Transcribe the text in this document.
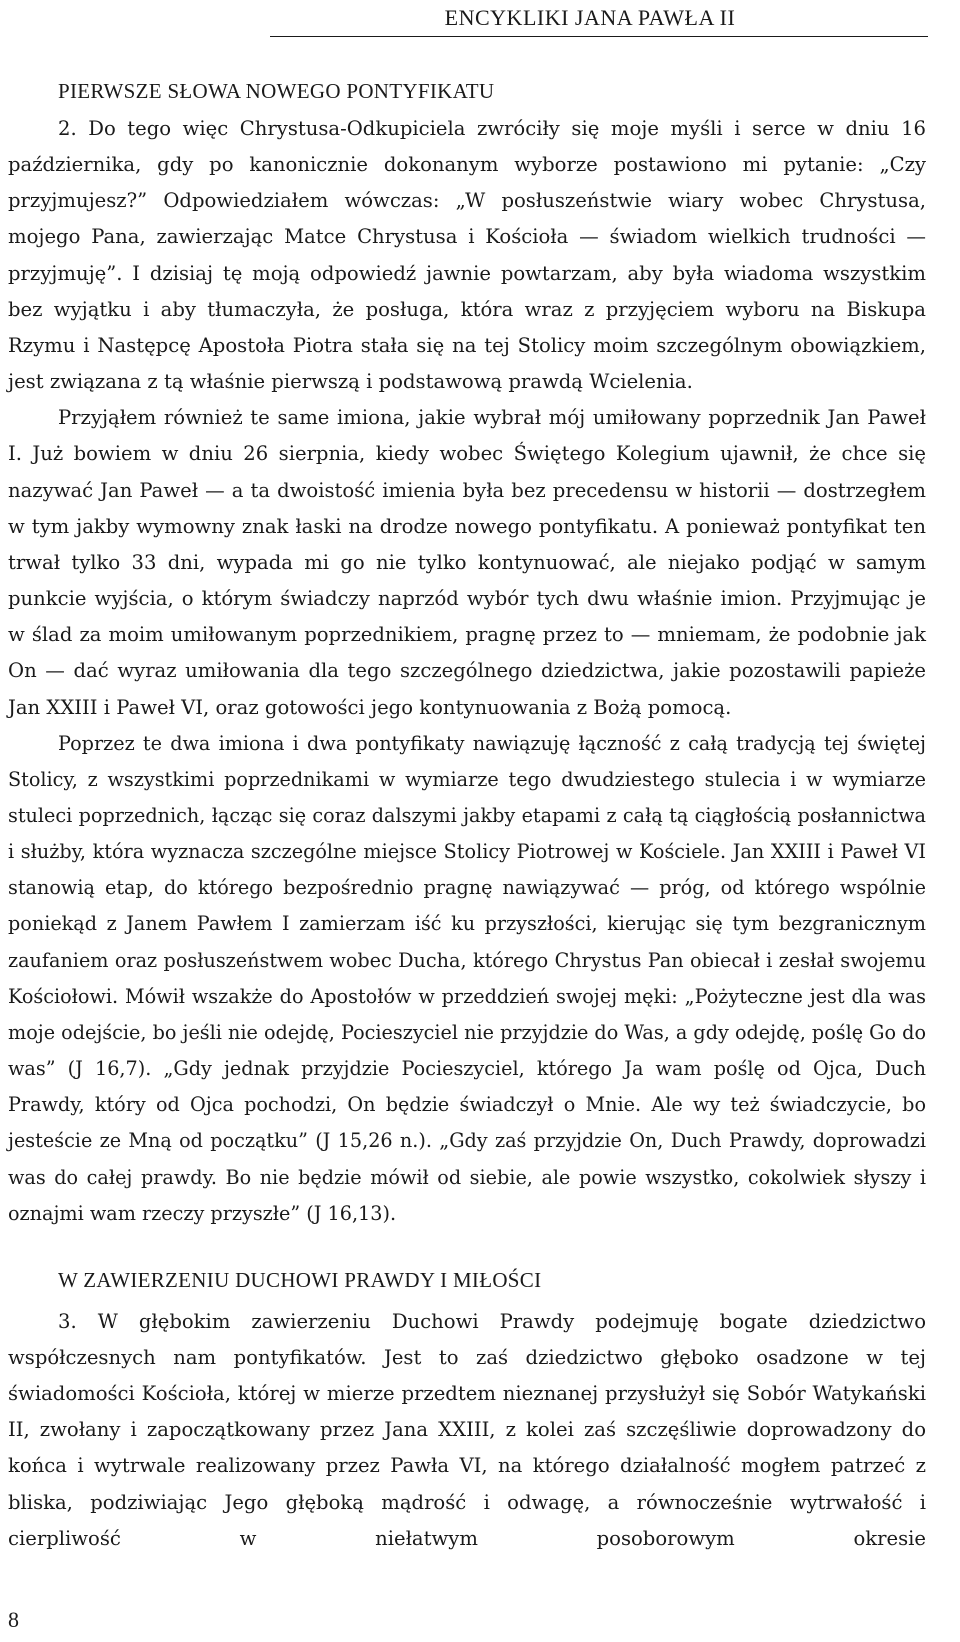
ENCYKLIKI JANA PAWŁA II
PIERWSZE SŁOWA NOWEGO PONTYFIKATU

2. Do tego więc Chrystusa-Odkupiciela zwróciły się moje myśli i serce w dniu 16 października, gdy po kanonicznie dokonanym wyborze postawiono mi pytanie: „Czy przyjmujesz?” Odpowiedziałem wówczas: „W posłuszeństwie wiary wobec Chrystusa, mojego Pana, zawierzając Matce Chrystusa i Kościoła — świadom wielkich trudności — przyjmuję”. I dzisiaj tę moją odpowiedź jawnie powtarzam, aby była wiadoma wszystkim bez wyjątku i aby tłumaczyła, że posługa, która wraz z przyjęciem wyboru na Biskupa Rzymu i Następcę Apostoła Piotra stała się na tej Stolicy moim szczególnym obowiązkiem, jest związana z tą właśnie pierwszą i podstawową prawdą Wcielenia.

Przyjąłem również te same imiona, jakie wybrał mój umiłowany poprzednik Jan Paweł I. Już bowiem w dniu 26 sierpnia, kiedy wobec Świętego Kolegium ujawnił, że chce się nazywać Jan Paweł — a ta dwoistość imienia była bez precedensu w historii — dostrzegłem w tym jakby wymowny znak łaski na drodze nowego pontyfikatu. A ponieważ pontyfikat ten trwał tylko 33 dni, wypada mi go nie tylko kontynuować, ale niejako podjąć w samym punkcie wyjścia, o którym świadczy naprzód wybór tych dwu właśnie imion. Przyjmując je w ślad za moim umiłowanym poprzednikiem, pragnę przez to — mniemam, że podobnie jak On — dać wyraz umiłowania dla tego szczególnego dziedzictwa, jakie pozostawili papieże Jan XXIII i Paweł VI, oraz gotowości jego kontynuowania z Bożą pomocą.

Poprzez te dwa imiona i dwa pontyfikaty nawiązuję łączność z całą tradycją tej świętej Stolicy, z wszystkimi poprzednikami w wymiarze tego dwudziestego stulecia i w wymiarze stuleci poprzednich, łącząc się coraz dalszymi jakby etapami z całą tą ciągłością posłannictwa i służby, która wyznacza szczególne miejsce Stolicy Piotrowej w Kościele. Jan XXIII i Paweł VI stanowią etap, do którego bezpośrednio pragnę nawiązywać — próg, od którego wspólnie poniekąd z Janem Pawłem I zamierzam iść ku przyszłości, kierując się tym bezgranicznym zaufaniem oraz posłuszeństwem wobec Ducha, którego Chrystus Pan obiecał i zesłał swojemu Kościołowi. Mówił wszakże do Apostołów w przeddzień swojej męki: „Pożyteczne jest dla was moje odejście, bo jeśli nie odejdę, Pocieszyciel nie przyjdzie do Was, a gdy odejdę, poślę Go do was” (J 16,7). „Gdy jednak przyjdzie Pocieszyciel, którego Ja wam poślę od Ojca, Duch Prawdy, który od Ojca pochodzi, On będzie świadczył o Mnie. Ale wy też świadczycie, bo jesteście ze Mną od początku” (J 15,26 n.). „Gdy zaś przyjdzie On, Duch Prawdy, doprowadzi was do całej prawdy. Bo nie będzie mówił od siebie, ale powie wszystko, cokolwiek słyszy i oznajmi wam rzeczy przyszłe” (J 16,13).

W ZAWIERZENIU DUCHOWI PRAWDY I MIŁOŚCI

3. W głębokim zawierzeniu Duchowi Prawdy podejmuję bogate dziedzictwo współczesnych nam pontyfikatów. Jest to zaś dziedzictwo głęboko osadzone w tej świadomości Kościoła, której w mierze przedtem nieznanej przysłużył się Sobór Watykański II, zwołany i zapoczątkowany przez Jana XXIII, z kolei zaś szczęśliwie doprowadzony do końca i wytrwale realizowany przez Pawła VI, na którego działalność mogłem patrzeć z bliska, podziwiając Jego głęboką mądrość i odwagę, a równocześnie wytrwałość i cierpliwość w niełatwym posoborowym okresie

8
